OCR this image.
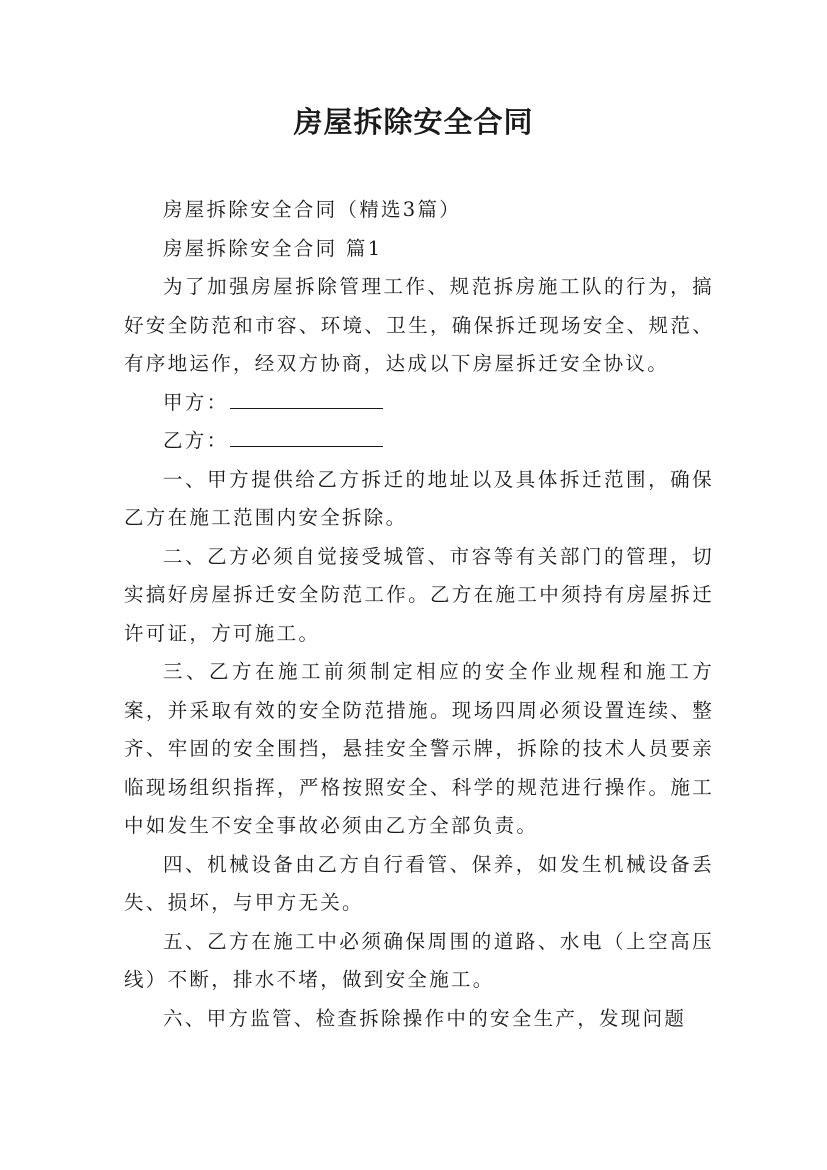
房屋拆除安全合同

房屋拆除安全合同（精选3篇）

房屋拆除安全合同 篇1

为了加强房屋拆除管理工作、规范拆房施工队的行为，搞好安全防范和市容、环境、卫生，确保拆迁现场安全、规范、有序地运作，经双方协商，达成以下房屋拆迁安全协议。

甲方：

乙方：

一、甲方提供给乙方拆迁的地址以及具体拆迁范围，确保乙方在施工范围内安全拆除。

二、乙方必须自觉接受城管、市容等有关部门的管理，切实搞好房屋拆迁安全防范工作。乙方在施工中须持有房屋拆迁许可证，方可施工。

三、乙方在施工前须制定相应的安全作业规程和施工方案，并采取有效的安全防范措施。现场四周必须设置连续、整齐、牢固的安全围挡，悬挂安全警示牌，拆除的技术人员要亲临现场组织指挥，严格按照安全、科学的规范进行操作。施工中如发生不安全事故必须由乙方全部负责。

四、机械设备由乙方自行看管、保养，如发生机械设备丢失、损坏，与甲方无关。

五、乙方在施工中必须确保周围的道路、水电（上空高压线）不断，排水不堵，做到安全施工。

六、甲方监管、检查拆除操作中的安全生产，发现问题
